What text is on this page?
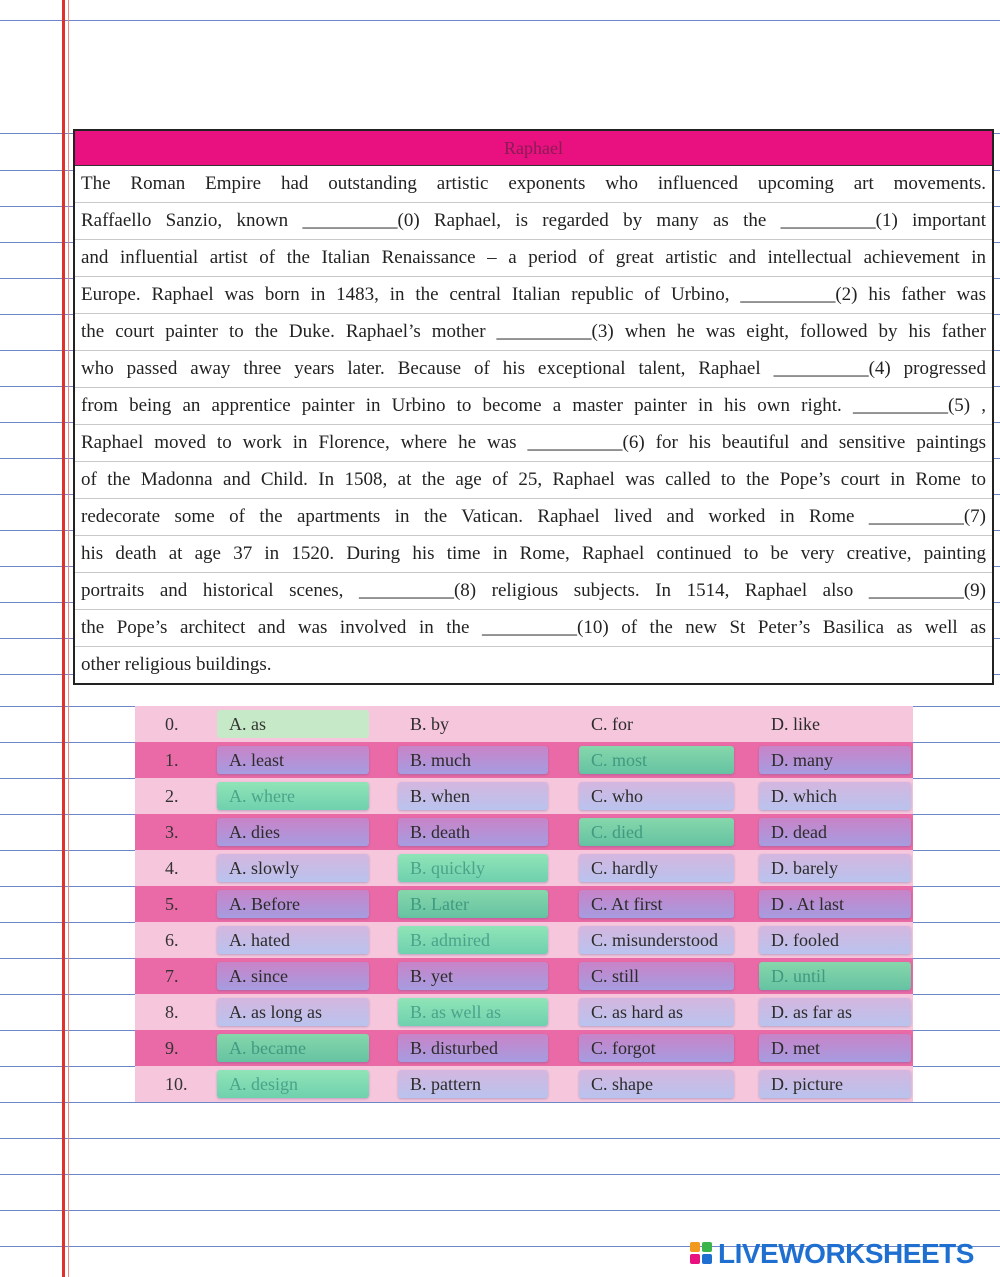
Raphael
The Roman Empire had outstanding artistic exponents who influenced upcoming art movements.
Raffaello Sanzio, known __________(0) Raphael, is regarded by many as the __________(1) important
and influential artist of the Italian Renaissance – a period of great artistic and intellectual achievement in
Europe. Raphael was born in 1483, in the central Italian republic of Urbino, __________(2) his father was
the court painter to the Duke. Raphael’s mother __________(3) when he was eight, followed by his father
who passed away three years later. Because of his exceptional talent, Raphael __________(4) progressed
from being an apprentice painter in Urbino to become a master painter in his own right. __________(5) ,
Raphael moved to work in Florence, where he was __________(6) for his beautiful and sensitive paintings
of the Madonna and Child. In 1508, at the age of 25, Raphael was called to the Pope’s court in Rome to
redecorate some of the apartments in the Vatican. Raphael lived and worked in Rome __________(7)
his death at age 37 in 1520. During his time in Rome, Raphael continued to be very creative, painting
portraits and historical scenes, __________(8) religious subjects. In 1514, Raphael also __________(9)
the Pope’s architect and was involved in the __________(10) of the new St Peter’s Basilica as well as
other religious buildings.
0.	A. as	B. by	C. for	D. like
1.	A. least	B. much	C. most	D. many
2.	A. where	B. when	C. who	D. which
3.	A. dies	B. death	C. died	D. dead
4.	A. slowly	B. quickly	C. hardly	D. barely
5.	A. Before	B. Later	C. At first	D . At last
6.	A. hated	B. admired	C. misunderstood	D. fooled
7.	A. since	B. yet	C. still	D. until
8.	A. as long as	B. as well as	C. as hard as	D. as far as
9.	A. became	B. disturbed	C. forgot	D. met
10.	A. design	B. pattern	C. shape	D. picture
LIVEWORKSHEETS
